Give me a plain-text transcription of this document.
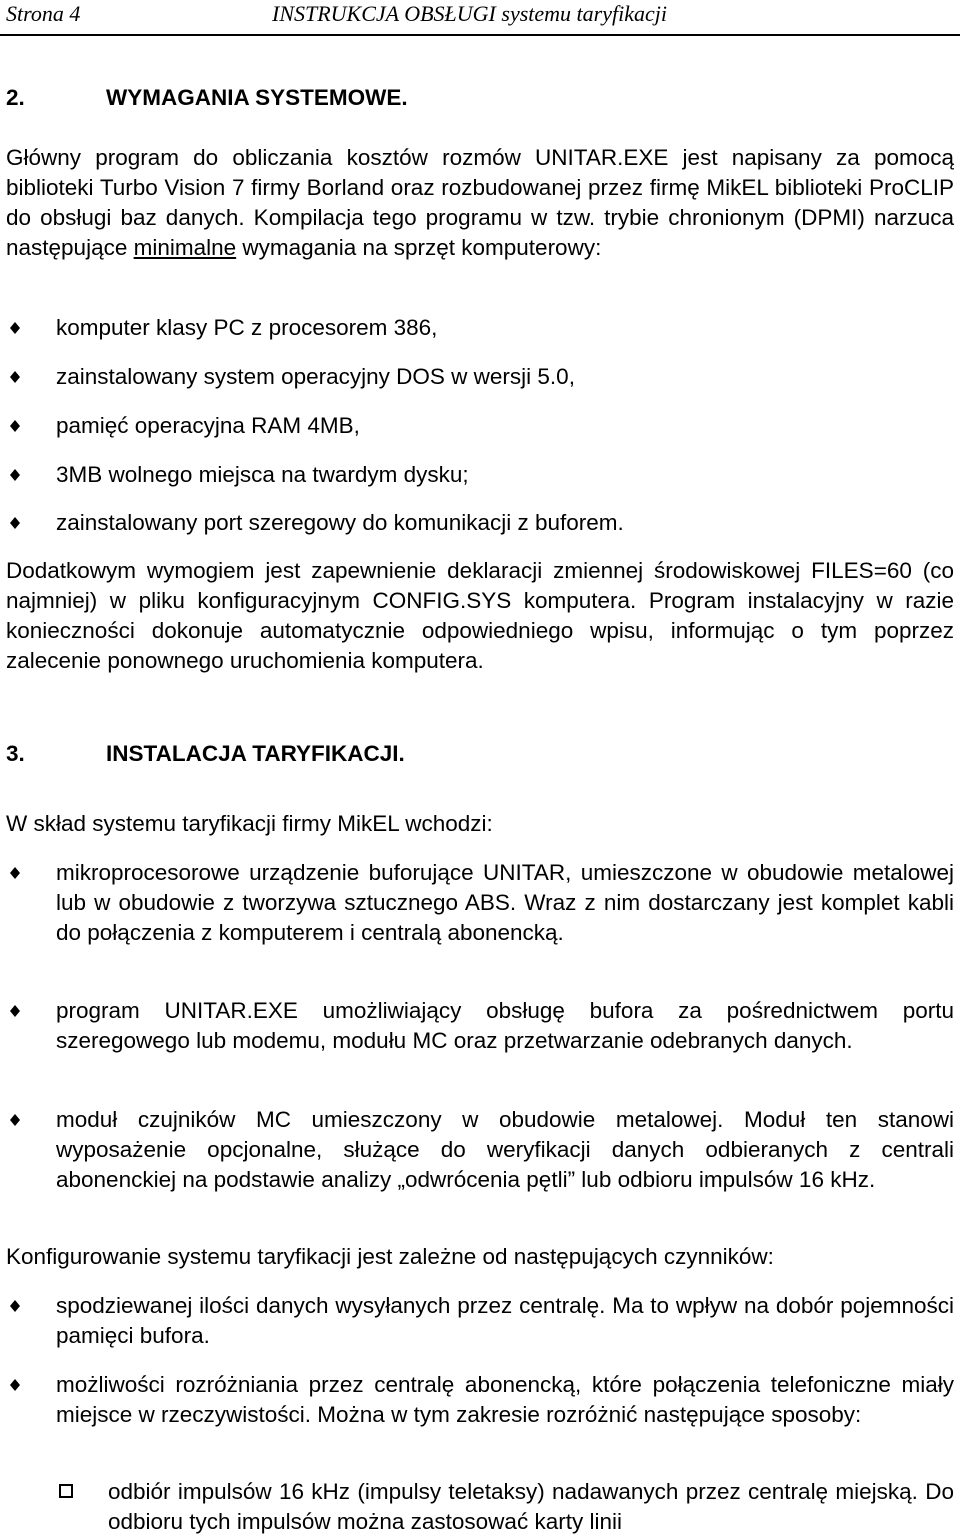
Strona 4	INSTRUKCJA OBSŁUGI systemu taryfikacji
2.	WYMAGANIA SYSTEMOWE.
Główny program do obliczania kosztów rozmów UNITAR.EXE jest napisany za pomocą biblioteki Turbo Vision 7 firmy Borland oraz rozbudowanej przez firmę MikEL biblioteki ProCLIP do obsługi baz danych. Kompilacja tego programu w tzw. trybie chronionym (DPMI) narzuca następujące minimalne wymagania na sprzęt komputerowy:
komputer klasy PC z procesorem 386,
zainstalowany system operacyjny DOS w wersji 5.0,
pamięć operacyjna RAM 4MB,
3MB wolnego miejsca na twardym dysku;
zainstalowany port szeregowy do komunikacji z buforem.
Dodatkowym wymogiem jest zapewnienie deklaracji zmiennej środowiskowej FILES=60 (co najmniej) w pliku konfiguracyjnym CONFIG.SYS komputera. Program instalacyjny w razie konieczności dokonuje automatycznie odpowiedniego wpisu, informując o tym poprzez zalecenie ponownego uruchomienia komputera.
3.	INSTALACJA TARYFIKACJI.
W skład systemu taryfikacji firmy MikEL wchodzi:
mikroprocesorowe urządzenie buforujące UNITAR, umieszczone w obudowie metalowej lub w obudowie z tworzywa sztucznego ABS. Wraz z nim dostarczany jest komplet kabli do połączenia z komputerem i centralą abonencką.
program UNITAR.EXE umożliwiający obsługę bufora za pośrednictwem portu szeregowego lub modemu, modułu MC oraz przetwarzanie odebranych danych.
moduł czujników MC umieszczony w obudowie metalowej. Moduł ten stanowi wyposażenie opcjonalne, służące do weryfikacji danych odbieranych z centrali abonenckiej na podstawie analizy „odwrócenia pętli” lub odbioru impulsów 16 kHz.
Konfigurowanie systemu taryfikacji jest zależne od następujących czynników:
spodziewanej ilości danych wysyłanych przez centralę. Ma to wpływ na dobór pojemności pamięci bufora.
możliwości rozróżniania przez centralę abonencką, które połączenia telefoniczne miały miejsce w rzeczywistości. Można w tym zakresie rozróżnić następujące sposoby:
odbiór impulsów 16 kHz (impulsy teletaksy) nadawanych przez centralę miejską. Do odbioru tych impulsów można zastosować karty linii
